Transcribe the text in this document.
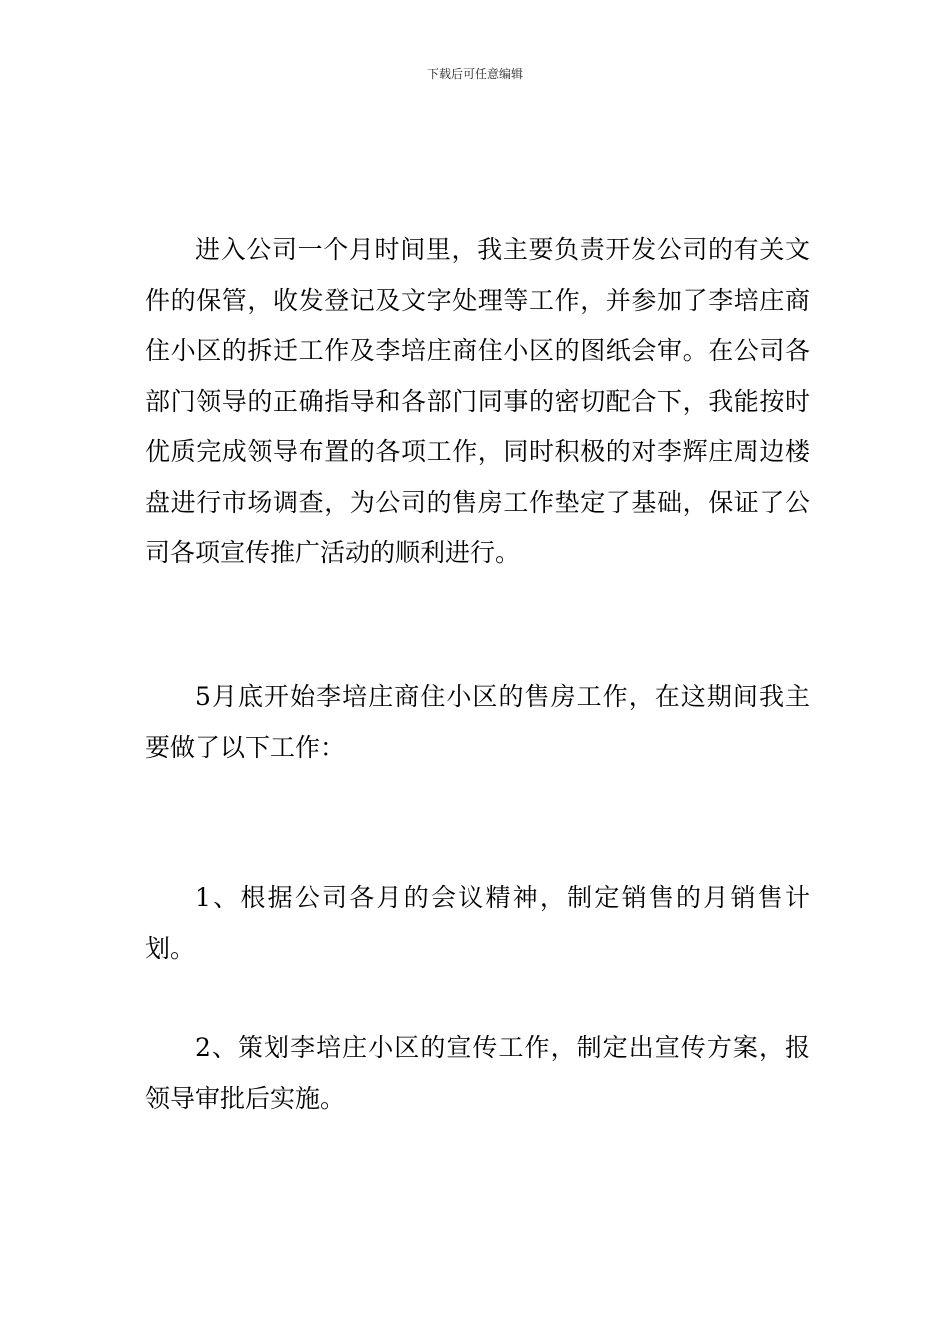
下载后可任意编辑

进入公司一个月时间里，我主要负责开发公司的有关文件的保管，收发登记及文字处理等工作，并参加了李培庄商住小区的拆迁工作及李培庄商住小区的图纸会审。在公司各部门领导的正确指导和各部门同事的密切配合下，我能按时优质完成领导布置的各项工作，同时积极的对李辉庄周边楼盘进行市场调查，为公司的售房工作垫定了基础，保证了公司各项宣传推广活动的顺利进行。

5月底开始李培庄商住小区的售房工作，在这期间我主要做了以下工作：

1、根据公司各月的会议精神，制定销售的月销售计划。

2、策划李培庄小区的宣传工作，制定出宣传方案，报领导审批后实施。
